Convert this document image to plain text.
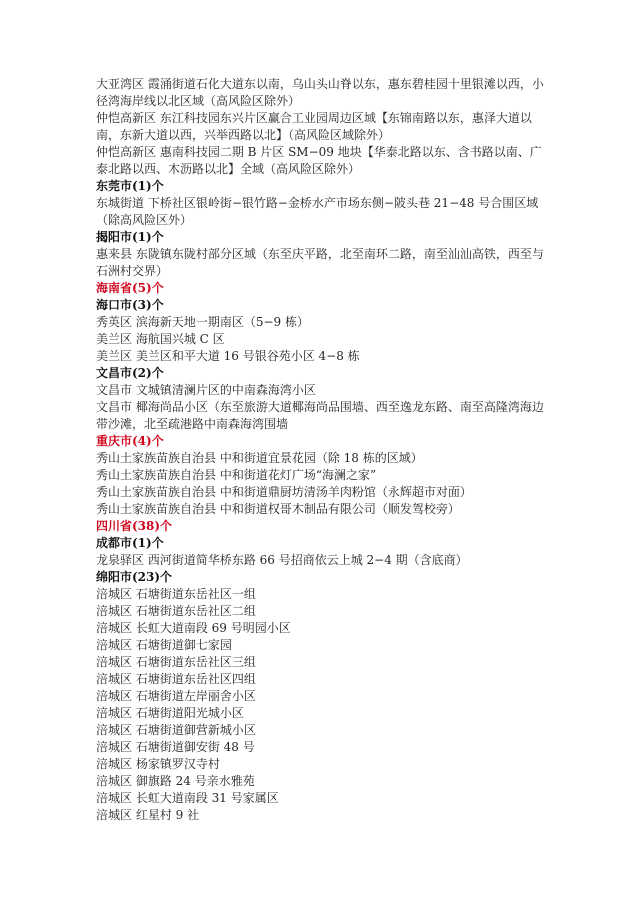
大亚湾区 霞涌街道石化大道东以南，乌山头山脊以东，惠东碧桂园十里银滩以西，小径湾海岸线以北区域（高风险区除外）

仲恺高新区 东江科技园东兴片区赢合工业园周边区域【东锦南路以东，惠泽大道以南，东新大道以西，兴举西路以北】（高风险区域除外）

仲恺高新区 惠南科技园二期 B 片区 SM−09 地块【华泰北路以东、含书路以南、广泰北路以西、木沥路以北】全域（高风险区除外）

东莞市(1)个

东城街道 下桥社区银岭街−银竹路−金桥水产市场东侧−陂头巷 21−48 号合围区域（除高风险区外）

揭阳市(1)个

惠来县 东陇镇东陇村部分区域（东至庆平路，北至南环二路，南至汕汕高铁，西至与石洲村交界）

海南省(5)个

海口市(3)个

秀英区 滨海新天地一期南区（5−9 栋）

美兰区 海航国兴城 C 区

美兰区 美兰区和平大道 16 号银谷苑小区 4−8 栋

文昌市(2)个

文昌市 文城镇清澜片区的中南森海湾小区

文昌市 椰海尚品小区（东至旅游大道椰海尚品围墙、西至逸龙东路、南至高隆湾海边带沙滩，北至疏港路中南森海湾围墙

重庆市(4)个

秀山土家族苗族自治县 中和街道宜景花园（除 18 栋的区域）

秀山土家族苗族自治县 中和街道花灯广场“海澜之家”

秀山土家族苗族自治县 中和街道鼎厨坊清汤羊肉粉馆（永辉超市对面）

秀山土家族苗族自治县 中和街道权哥木制品有限公司（顺发驾校旁）

四川省(38)个

成都市(1)个

龙泉驿区 西河街道简华桥东路 66 号招商依云上城 2−4 期（含底商）

绵阳市(23)个

涪城区 石塘街道东岳社区一组

涪城区 石塘街道东岳社区二组

涪城区 长虹大道南段 69 号明园小区

涪城区 石塘街道御七家园

涪城区 石塘街道东岳社区三组

涪城区 石塘街道东岳社区四组

涪城区 石塘街道左岸丽舍小区

涪城区 石塘街道阳光城小区

涪城区 石塘街道御营新城小区

涪城区 石塘街道御安街 48 号

涪城区 杨家镇罗汉寺村

涪城区 御旗路 24 号亲水雅苑

涪城区 长虹大道南段 31 号家属区

涪城区 红星村 9 社
